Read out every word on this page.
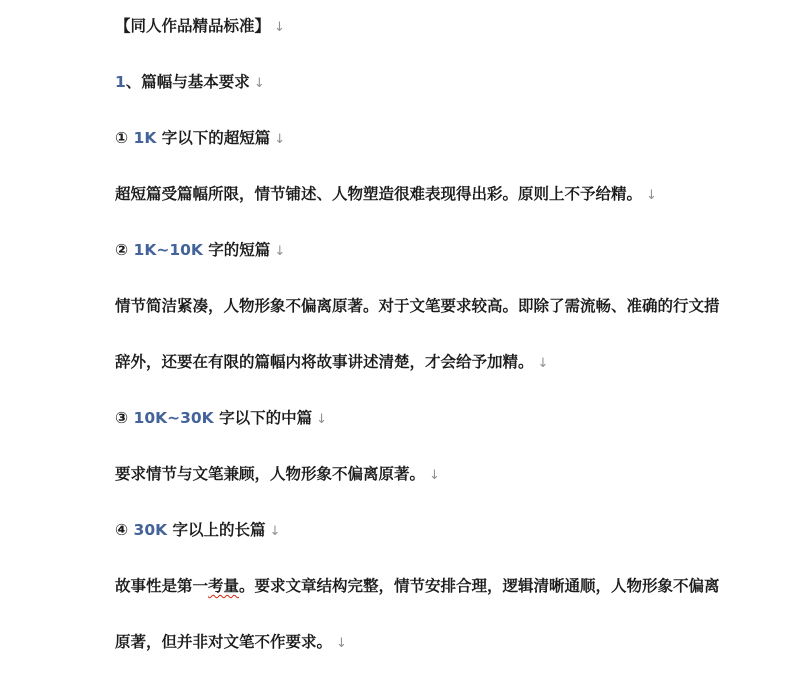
【同人作品精品标准】 ↓
1、篇幅与基本要求 ↓
① 1K 字以下的超短篇 ↓
超短篇受篇幅所限，情节铺述、人物塑造很难表现得出彩。原则上不予给精。 ↓
② 1K~10K 字的短篇 ↓
情节简洁紧凑，人物形象不偏离原著。对于文笔要求较高。即除了需流畅、准确的行文措
辞外，还要在有限的篇幅内将故事讲述清楚，才会给予加精。 ↓
③ 10K~30K 字以下的中篇 ↓
要求情节与文笔兼顾，人物形象不偏离原著。 ↓
④ 30K 字以上的长篇 ↓
故事性是第一考量。要求文章结构完整，情节安排合理，逻辑清晰通顺，人物形象不偏离
原著，但并非对文笔不作要求。 ↓
